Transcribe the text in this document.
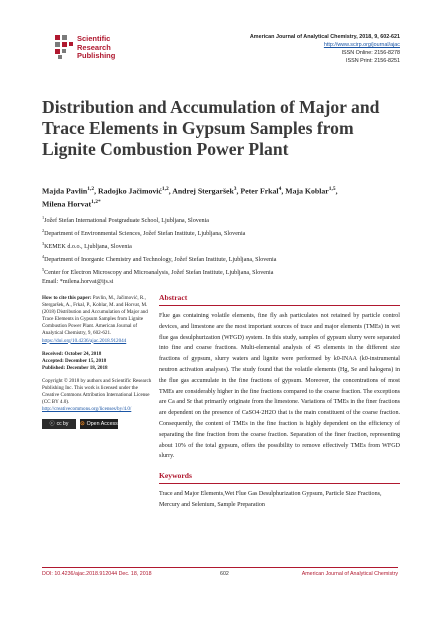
Scientific
Research
Publishing
American Journal of Analytical Chemistry, 2018, 9, 602-621
http://www.scirp.org/journal/ajac
ISSN Online: 2156-8278
ISSN Print: 2156-8251
Distribution and Accumulation of Major and Trace Elements in Gypsum Samples from Lignite Combustion Power Plant
Majda Pavlin$^{1,2}$, Radojko Jačimović$^{1,2}$, Andrej Stergaršek$^3$, Peter Frkal$^4$, Maja Koblar$^{1,5}$,
Milena Horvat$^{1,2*}$
$^1$Jožef Stefan International Postgraduate School, Ljubljana, Slovenia
$^2$Department of Environmental Sciences, Jožef Stefan Institute, Ljubljana, Slovenia
$^3$KEMEK d.o.o., Ljubljana, Slovenia
$^4$Department of Inorganic Chemistry and Technology, Jožef Stefan Institute, Ljubljana, Slovenia
$^5$Center for Electron Microscopy and Microanalysis, Jožef Stefan Institute, Ljubljana, Slovenia
Email: *milena.horvat@ijs.si

How to cite this paper: Pavlin, M., Jačimović, R., Stergaršek, A., Frkal, P., Koblar, M. and Horvat, M. (2018) Distribution and Accumulation of Major and Trace Elements in Gypsum Samples from Lignite Combustion Power Plant. American Journal of Analytical Chemistry, 9, 602-621. https://doi.org/10.4236/ajac.2018.912044

Received: October 24, 2018

Accepted: December 15, 2018

Published: December 18, 2018

Copyright © 2018 by authors and Scientific Research Publishing Inc. This work is licensed under the Creative Commons Attribution International License (CC BY 4.0). http://creativecommons.org/licenses/by/4.0/

ⓒ cc by ⊙ Open Access
Abstract

Flue gas containing volatile elements, fine fly ash particulates not retained by particle control devices, and limestone are the most important sources of trace and major elements (TMEs) in wet flue gas desulphurization (WFGD) system. In this study, samples of gypsum slurry were separated into fine and coarse fractions. Multi-elemental analysis of 45 elements in the different size fractions of gypsum, slurry waters and lignite were performed by k0-INAA (k0-instrumental neutron activation analyses). The study found that the volatile elements (Hg, Se and halogens) in the flue gas accumulate in the fine fractions of gypsum. Moreover, the concentrations of most TMEs are considerably higher in the fine fractions compared to the coarse fraction. The exceptions are Ca and Sr that primarily originate from the limestone. Variations of TMEs in the finer fractions are dependent on the presence of CaSO4·2H2O that is the main constituent of the coarse fraction. Consequently, the content of TMEs in the fine fraction is highly dependent on the efficiency of separating the fine fraction from the coarse fraction. Separation of the finer fraction, representing about 10% of the total gypsum, offers the possibility to remove effectively TMEs from WFGD slurry.

Keywords

Trace and Major Elements,Wet Flue Gas Desulphurization Gypsum, Particle Size Fractions, Mercury and Selenium, Sample Preparation

DOI: 10.4236/ajac.2018.912044 Dec. 18, 2018	602	American Journal of Analytical Chemistry
